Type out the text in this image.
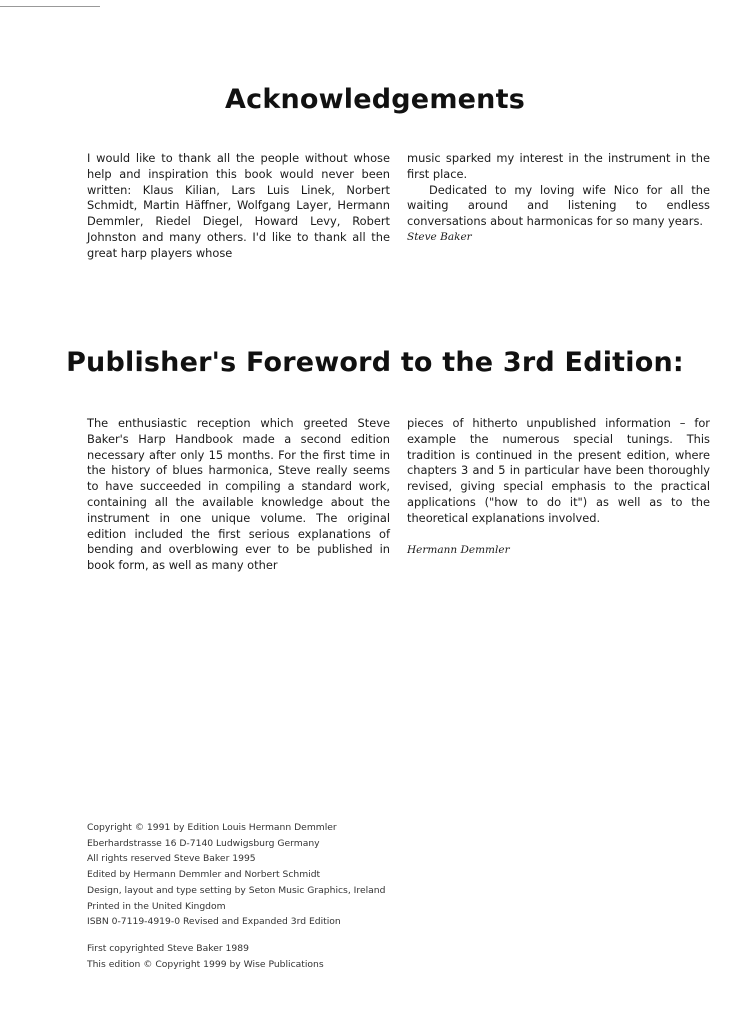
Acknowledgements

I would like to thank all the people without whose help and inspiration this book would never been written: Klaus Kilian, Lars Luis Linek, Norbert Schmidt, Martin Häffner, Wolfgang Layer, Hermann Demmler, Riedel Diegel, Howard Levy, Robert Johnston and many others. I'd like to thank all the great harp players whose

music sparked my interest in the instrument in the first place.

Dedicated to my loving wife Nico for all the waiting around and listening to endless conversations about harmonicas for so many years.

Steve Baker

Publisher's Foreword to the 3rd Edition:

The enthusiastic reception which greeted Steve Baker's Harp Handbook made a second edition necessary after only 15 months. For the first time in the history of blues harmonica, Steve really seems to have succeeded in compiling a standard work, containing all the available knowledge about the instrument in one unique volume. The original edition included the first serious explanations of bending and overblowing ever to be published in book form, as well as many other

pieces of hitherto unpublished information – for example the numerous special tunings. This tradition is continued in the present edition, where chapters 3 and 5 in particular have been thoroughly revised, giving special emphasis to the practical applications ("how to do it") as well as to the theoretical explanations involved.

Hermann Demmler

Copyright © 1991 by Edition Louis Hermann Demmler
Eberhardstrasse 16 D-7140 Ludwigsburg Germany
All rights reserved Steve Baker 1995
Edited by Hermann Demmler and Norbert Schmidt
Design, layout and type setting by Seton Music Graphics, Ireland
Printed in the United Kingdom
ISBN 0-7119-4919-0 Revised and Expanded 3rd Edition
First copyrighted Steve Baker 1989
This edition © Copyright 1999 by Wise Publications
